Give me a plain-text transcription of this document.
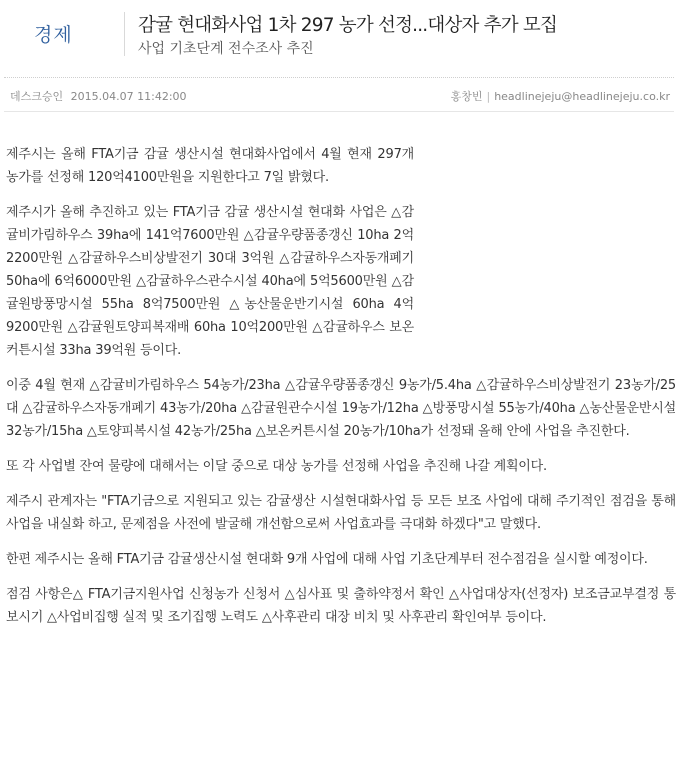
경제	감귤 현대화사업 1차 297 농가 선정...대상자 추가 모집
사업 기초단계 전수조사 추진
데스크승인 2015.04.07 11:42:00	홍창빈 | headlinejeju@headlinejeju.co.kr

제주시는 올해 FTA기금 감귤 생산시설 현대화사업에서 4월 현재 297개 농가를 선정해 120억4100만원을 지원한다고 7일 밝혔다.

제주시가 올해 추진하고 있는 FTA기금 감귤 생산시설 현대화 사업은 △감귤비가림하우스 39ha에 141억7600만원 △감귤우량품종갱신 10ha 2억2200만원 △감귤하우스비상발전기 30대 3억원 △감귤하우스자동개폐기 50ha에 6억6000만원 △감귤하우스관수시설 40ha에 5억5600만원 △감귤원방풍망시설 55ha 8억7500만원 △농산물운반기시설 60ha 4억9200만원 △감귤원토양피복재배 60ha 10억200만원 △감귤하우스 보온커튼시설 33ha 39억원 등이다.

이중 4월 현재 △감귤비가림하우스 54농가/23ha △감귤우량품종갱신 9농가/5.4ha △감귤하우스비상발전기 23농가/25대 △감귤하우스자동개폐기 43농가/20ha △감귤원관수시설 19농가/12ha △방풍망시설 55농가/40ha △농산물운반시설 32농가/15ha △토양피복시설 42농가/25ha △보온커튼시설 20농가/10ha가 선정돼 올해 안에 사업을 추진한다.

또 각 사업별 잔여 물량에 대해서는 이달 중으로 대상 농가를 선정해 사업을 추진해 나갈 계획이다.

제주시 관계자는 "FTA기금으로 지원되고 있는 감귤생산 시설현대화사업 등 모든 보조 사업에 대해 주기적인 점검을 통해 사업을 내실화 하고, 문제점을 사전에 발굴해 개선함으로써 사업효과를 극대화 하겠다"고 말했다.

한편 제주시는 올해 FTA기금 감귤생산시설 현대화 9개 사업에 대해 사업 기초단계부터 전수점검을 실시할 예정이다.

점검 사항은△ FTA기금지원사업 신청농가 신청서 △심사표 및 출하약정서 확인 △사업대상자(선정자) 보조금교부결정 통보시기 △사업비집행 실적 및 조기집행 노력도 △사후관리 대장 비치 및 사후관리 확인여부 등이다.
